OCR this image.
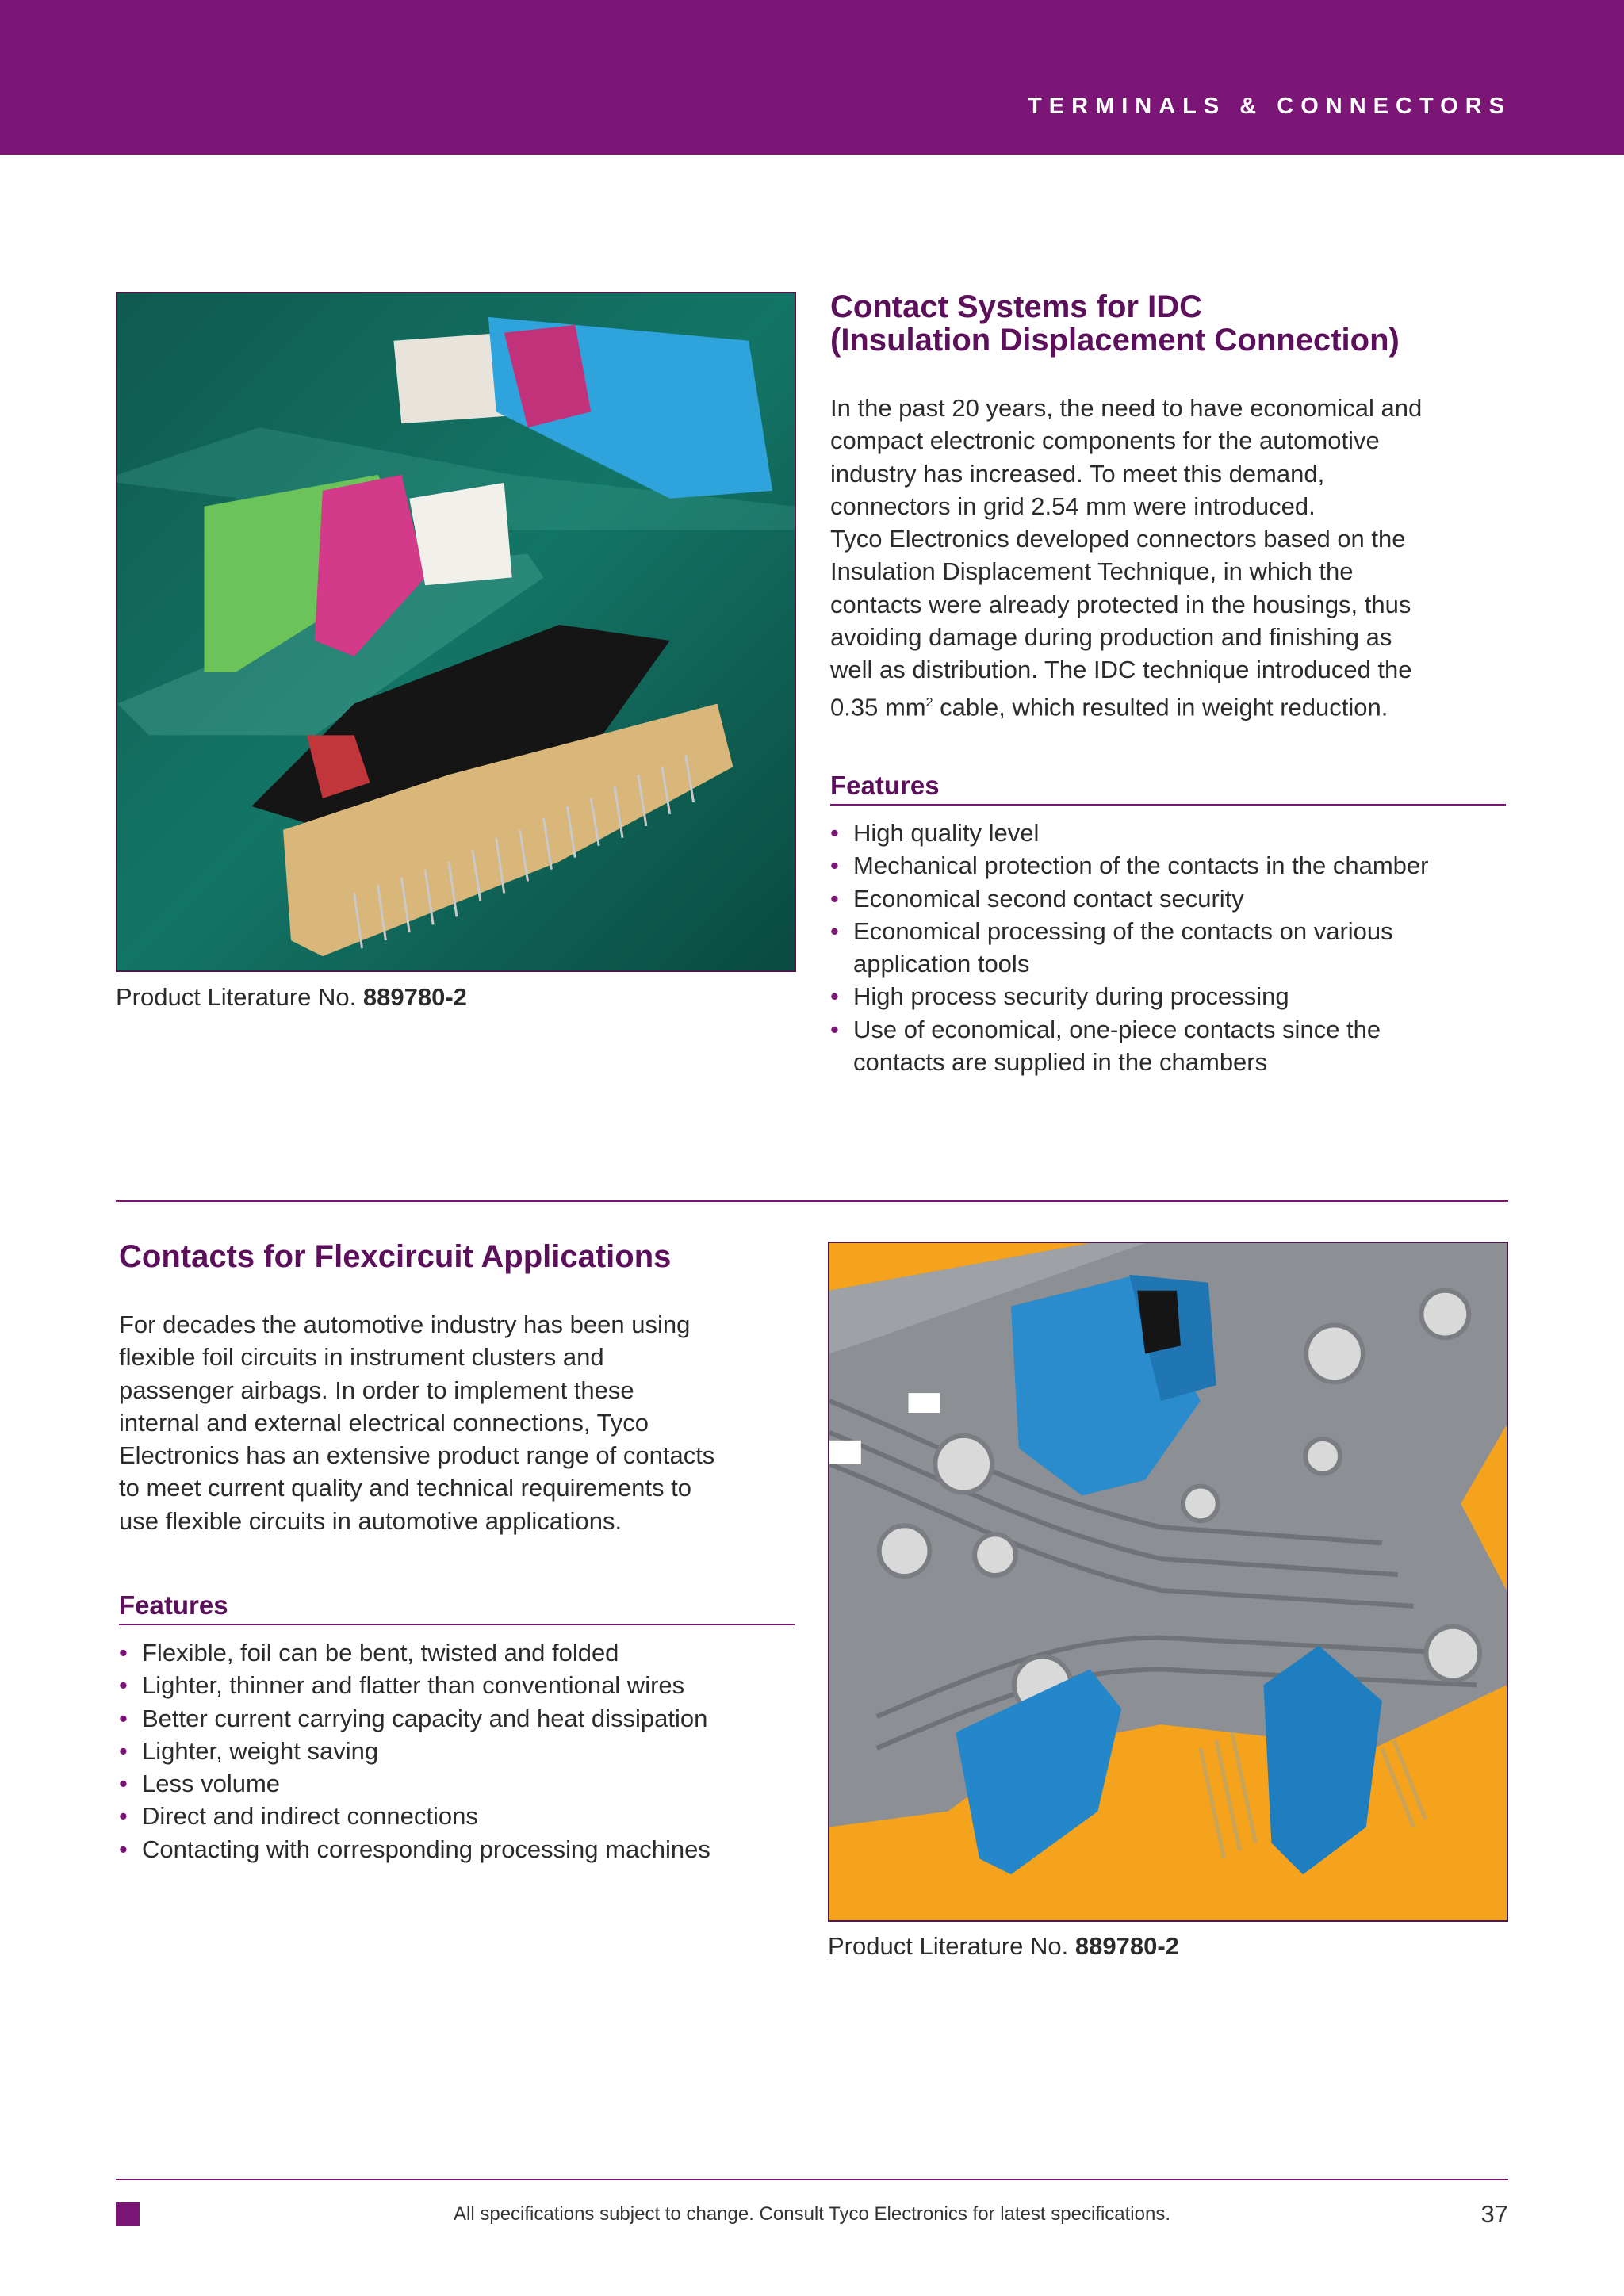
TERMINALS & CONNECTORS
Product Literature No. 889780-2
Contact Systems for IDC
(Insulation Displacement Connection)
In the past 20 years, the need to have economical and
compact electronic components for the automotive
industry has increased. To meet this demand,
connectors in grid 2.54 mm were introduced.
Tyco Electronics developed connectors based on the
Insulation Displacement Technique, in which the
contacts were already protected in the housings, thus
avoiding damage during production and finishing as
well as distribution. The IDC technique introduced the
0.35 $mm^2$ cable, which resulted in weight reduction.
Features
• High quality level
• Mechanical protection of the contacts in the chamber
• Economical second contact security
• Economical processing of the contacts on various application tools
• High process security during processing
• Use of economical, one-piece contacts since the contacts are supplied in the chambers
Contacts for Flexcircuit Applications
For decades the automotive industry has been using
flexible foil circuits in instrument clusters and
passenger airbags. In order to implement these
internal and external electrical connections, Tyco
Electronics has an extensive product range of contacts
to meet current quality and technical requirements to
use flexible circuits in automotive applications.
Features
• Flexible, foil can be bent, twisted and folded
• Lighter, thinner and flatter than conventional wires
• Better current carrying capacity and heat dissipation
• Lighter, weight saving
• Less volume
• Direct and indirect connections
• Contacting with corresponding processing machines
Product Literature No. 889780-2
All specifications subject to change. Consult Tyco Electronics for latest specifications.	37
